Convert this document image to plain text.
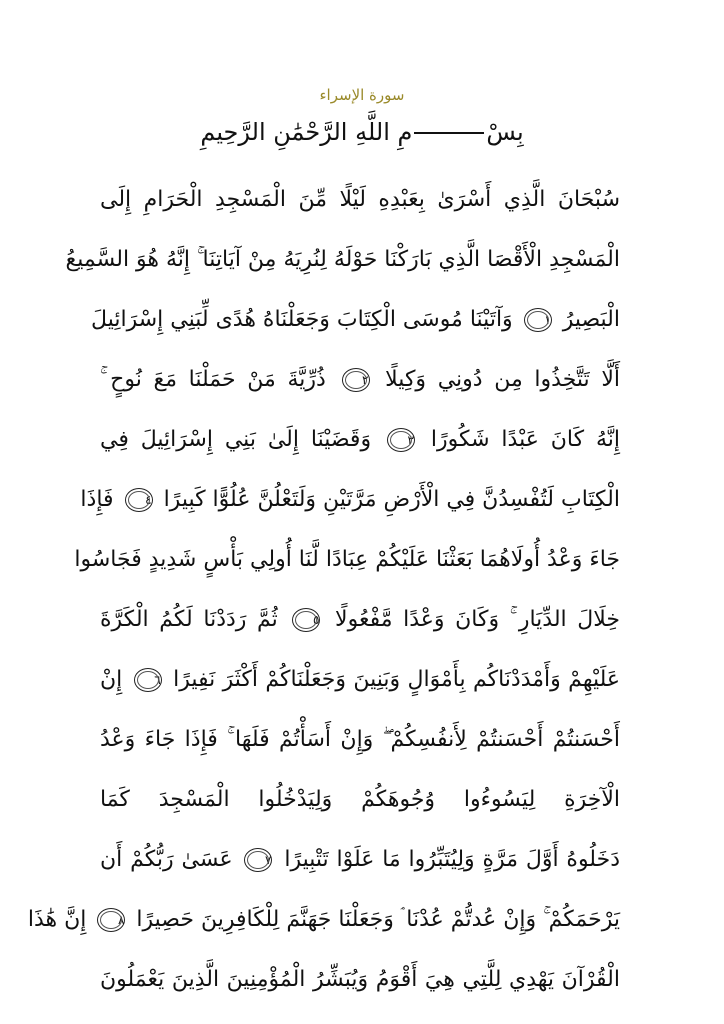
سورة الإسراء
بِسْمِ اللَّهِ الرَّحْمَٰنِ الرَّحِيمِ
سُبْحَانَ الَّذِي أَسْرَىٰ بِعَبْدِهِ لَيْلًا مِّنَ الْمَسْجِدِ الْحَرَامِ إِلَى
الْمَسْجِدِ الْأَقْصَا الَّذِي بَارَكْنَا حَوْلَهُ لِنُرِيَهُ مِنْ آيَاتِنَا ۚ إِنَّهُ هُوَ السَّمِيعُ
الْبَصِيرُ ١ وَآتَيْنَا مُوسَى الْكِتَابَ وَجَعَلْنَاهُ هُدًى لِّبَنِي إِسْرَائِيلَ
أَلَّا تَتَّخِذُوا مِن دُونِي وَكِيلًا ٢ ذُرِّيَّةَ مَنْ حَمَلْنَا مَعَ نُوحٍ ۚ
إِنَّهُ كَانَ عَبْدًا شَكُورًا ٣ وَقَضَيْنَا إِلَىٰ بَنِي إِسْرَائِيلَ فِي
الْكِتَابِ لَتُفْسِدُنَّ فِي الْأَرْضِ مَرَّتَيْنِ وَلَتَعْلُنَّ عُلُوًّا كَبِيرًا ٤ فَإِذَا
جَاءَ وَعْدُ أُولَاهُمَا بَعَثْنَا عَلَيْكُمْ عِبَادًا لَّنَا أُولِي بَأْسٍ شَدِيدٍ فَجَاسُوا
خِلَالَ الدِّيَارِ ۚ وَكَانَ وَعْدًا مَّفْعُولًا ٥ ثُمَّ رَدَدْنَا لَكُمُ الْكَرَّةَ
عَلَيْهِمْ وَأَمْدَدْنَاكُم بِأَمْوَالٍ وَبَنِينَ وَجَعَلْنَاكُمْ أَكْثَرَ نَفِيرًا ٦ إِنْ
أَحْسَنتُمْ أَحْسَنتُمْ لِأَنفُسِكُمْ ۖ وَإِنْ أَسَأْتُمْ فَلَهَا ۚ فَإِذَا جَاءَ وَعْدُ
الْآخِرَةِ لِيَسُوءُوا وُجُوهَكُمْ وَلِيَدْخُلُوا الْمَسْجِدَ كَمَا
دَخَلُوهُ أَوَّلَ مَرَّةٍ وَلِيُتَبِّرُوا مَا عَلَوْا تَتْبِيرًا ٧ عَسَىٰ رَبُّكُمْ أَن
يَرْحَمَكُمْ ۚ وَإِنْ عُدتُّمْ عُدْنَا ۘ وَجَعَلْنَا جَهَنَّمَ لِلْكَافِرِينَ حَصِيرًا ٨ إِنَّ هَٰذَا
الْقُرْآنَ يَهْدِي لِلَّتِي هِيَ أَقْوَمُ وَيُبَشِّرُ الْمُؤْمِنِينَ الَّذِينَ يَعْمَلُونَ
